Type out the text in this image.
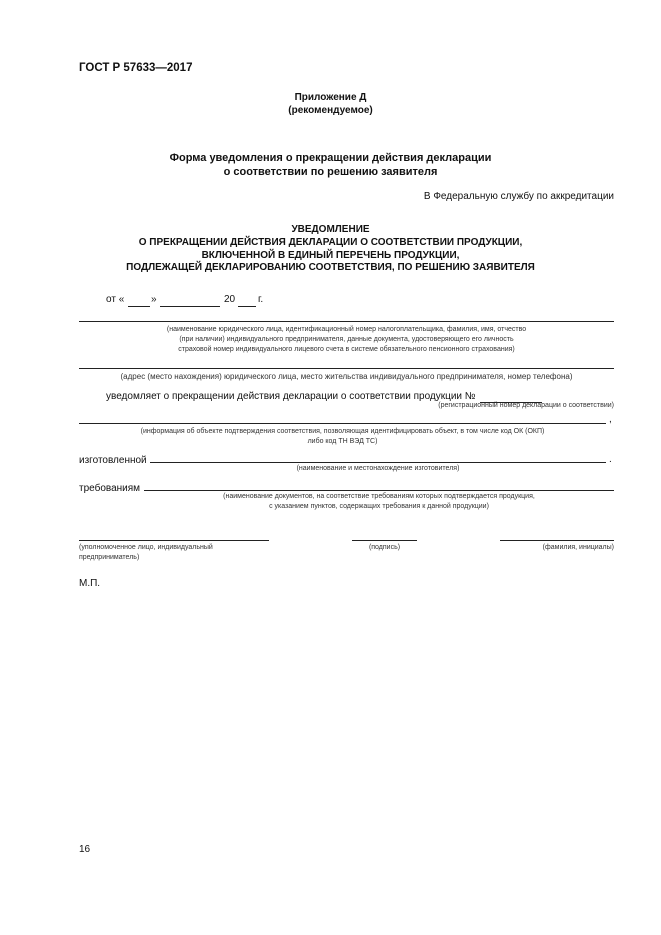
ГОСТ Р 57633—2017
Приложение Д
(рекомендуемое)
Форма уведомления о прекращении действия декларации
о соответствии по решению заявителя
В Федеральную службу по аккредитации
УВЕДОМЛЕНИЕ
О ПРЕКРАЩЕНИИ ДЕЙСТВИЯ ДЕКЛАРАЦИИ О СООТВЕТСТВИИ ПРОДУКЦИИ,
ВКЛЮЧЕННОЙ В ЕДИНЫЙ ПЕРЕЧЕНЬ ПРОДУКЦИИ,
ПОДЛЕЖАЩЕЙ ДЕКЛАРИРОВАНИЮ СООТВЕТСТВИЯ, ПО РЕШЕНИЮ ЗАЯВИТЕЛЯ
от «	»	20 г.
(наименование юридического лица, идентификационный номер налогоплательщика, фамилия, имя, отчество
(при наличии) индивидуального предпринимателя, данные документа, удостоверяющего его личность
страховой номер индивидуального лицевого счета в системе обязательного пенсионного страхования)
(адрес (место нахождения) юридического лица, место жительства индивидуального предпринимателя, номер телефона)
уведомляет о прекращении действия декларации о соответствии продукции №
(регистрационный номер декларации о соответствии)
,
(информация об объекте подтверждения соответствия, позволяющая идентифицировать объект, в том числе код ОК (ОКП)
либо код ТН ВЭД ТС)
изготовленной	.
(наименование и местонахождение изготовителя)
требованиям
(наименование документов, на соответствие требованиям которых подтверждается продукция,
с указанием пунктов, содержащих требования к данной продукции)
(уполномоченное лицо, индивидуальный
предприниматель)
(подпись)	(фамилия, инициалы)
М.П.
16
